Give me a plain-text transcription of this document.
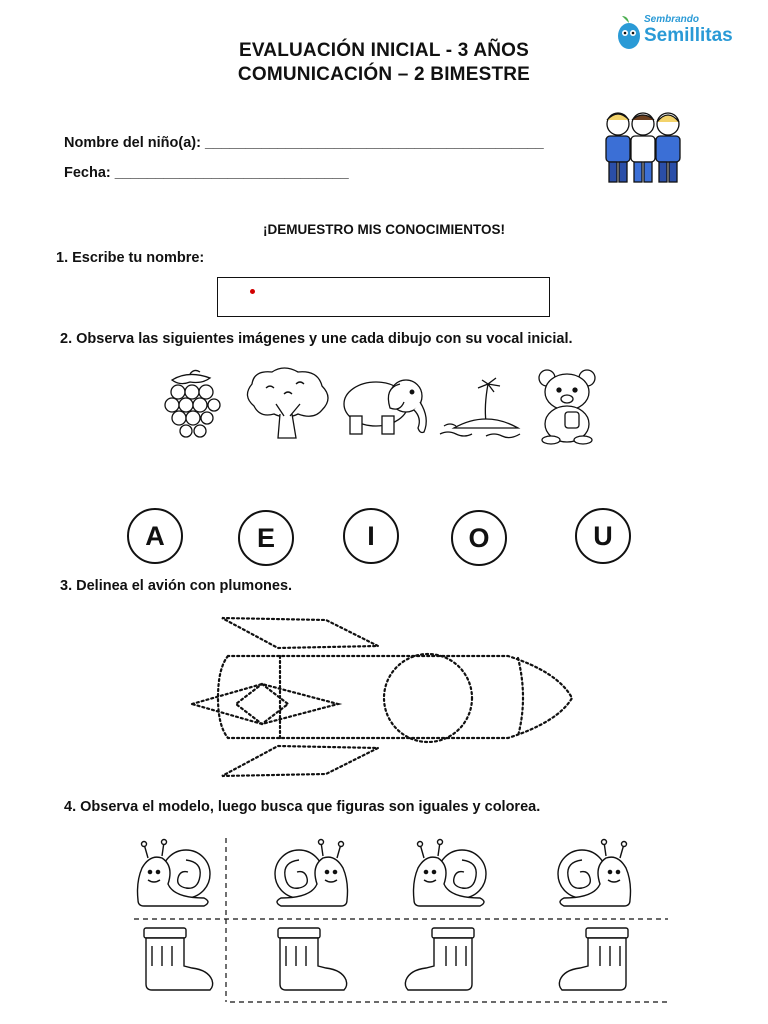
EVALUACIÓN INICIAL - 3 AÑOS
COMUNICACIÓN – 2 BIMESTRE
Sembrando
Semillitas
Nombre del niño(a): __________________________________________
Fecha: _____________________________
¡DEMUESTRO MIS CONOCIMIENTOS!
1. Escribe tu nombre:
2. Observa las siguientes imágenes y une cada dibujo con su vocal inicial.
A	E	I	O	U
3. Delinea el avión con plumones.
4. Observa el modelo, luego busca que figuras son iguales y colorea.
